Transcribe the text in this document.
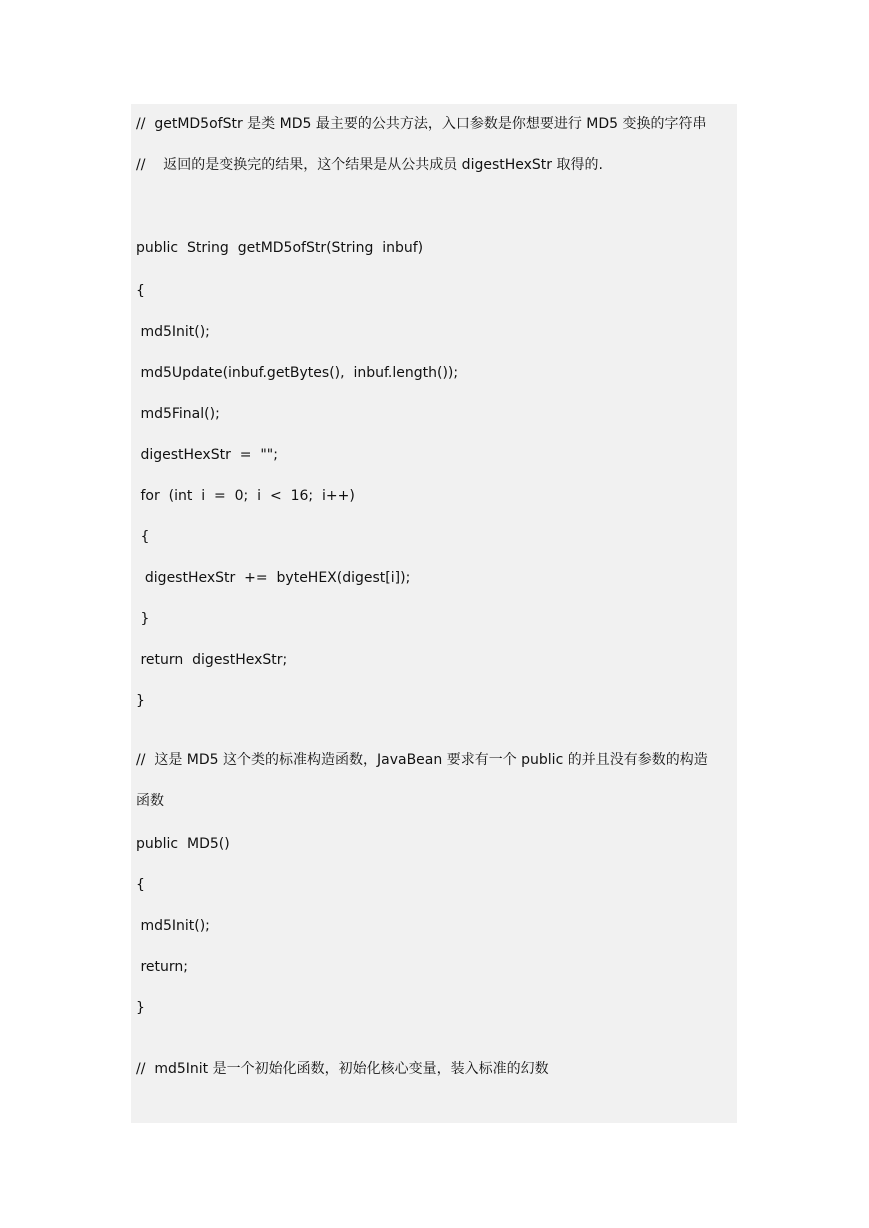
//  getMD5ofStr 是类 MD5 最主要的公共方法，入口参数是你想要进行 MD5 变换的字符串
//    返回的是变换完的结果，这个结果是从公共成员 digestHexStr 取得的.
public  String  getMD5ofStr(String  inbuf)
{
md5Init();
md5Update(inbuf.getBytes(),  inbuf.length());
md5Final();
digestHexStr  =  "";
for  (int  i  =  0;  i  <  16;  i++)
{
digestHexStr  +=  byteHEX(digest[i]);
}
return  digestHexStr;
}
//  这是 MD5 这个类的标准构造函数，JavaBean 要求有一个 public 的并且没有参数的构造
函数
public  MD5()
{
md5Init();
return;
}
//  md5Init 是一个初始化函数，初始化核心变量，装入标准的幻数
